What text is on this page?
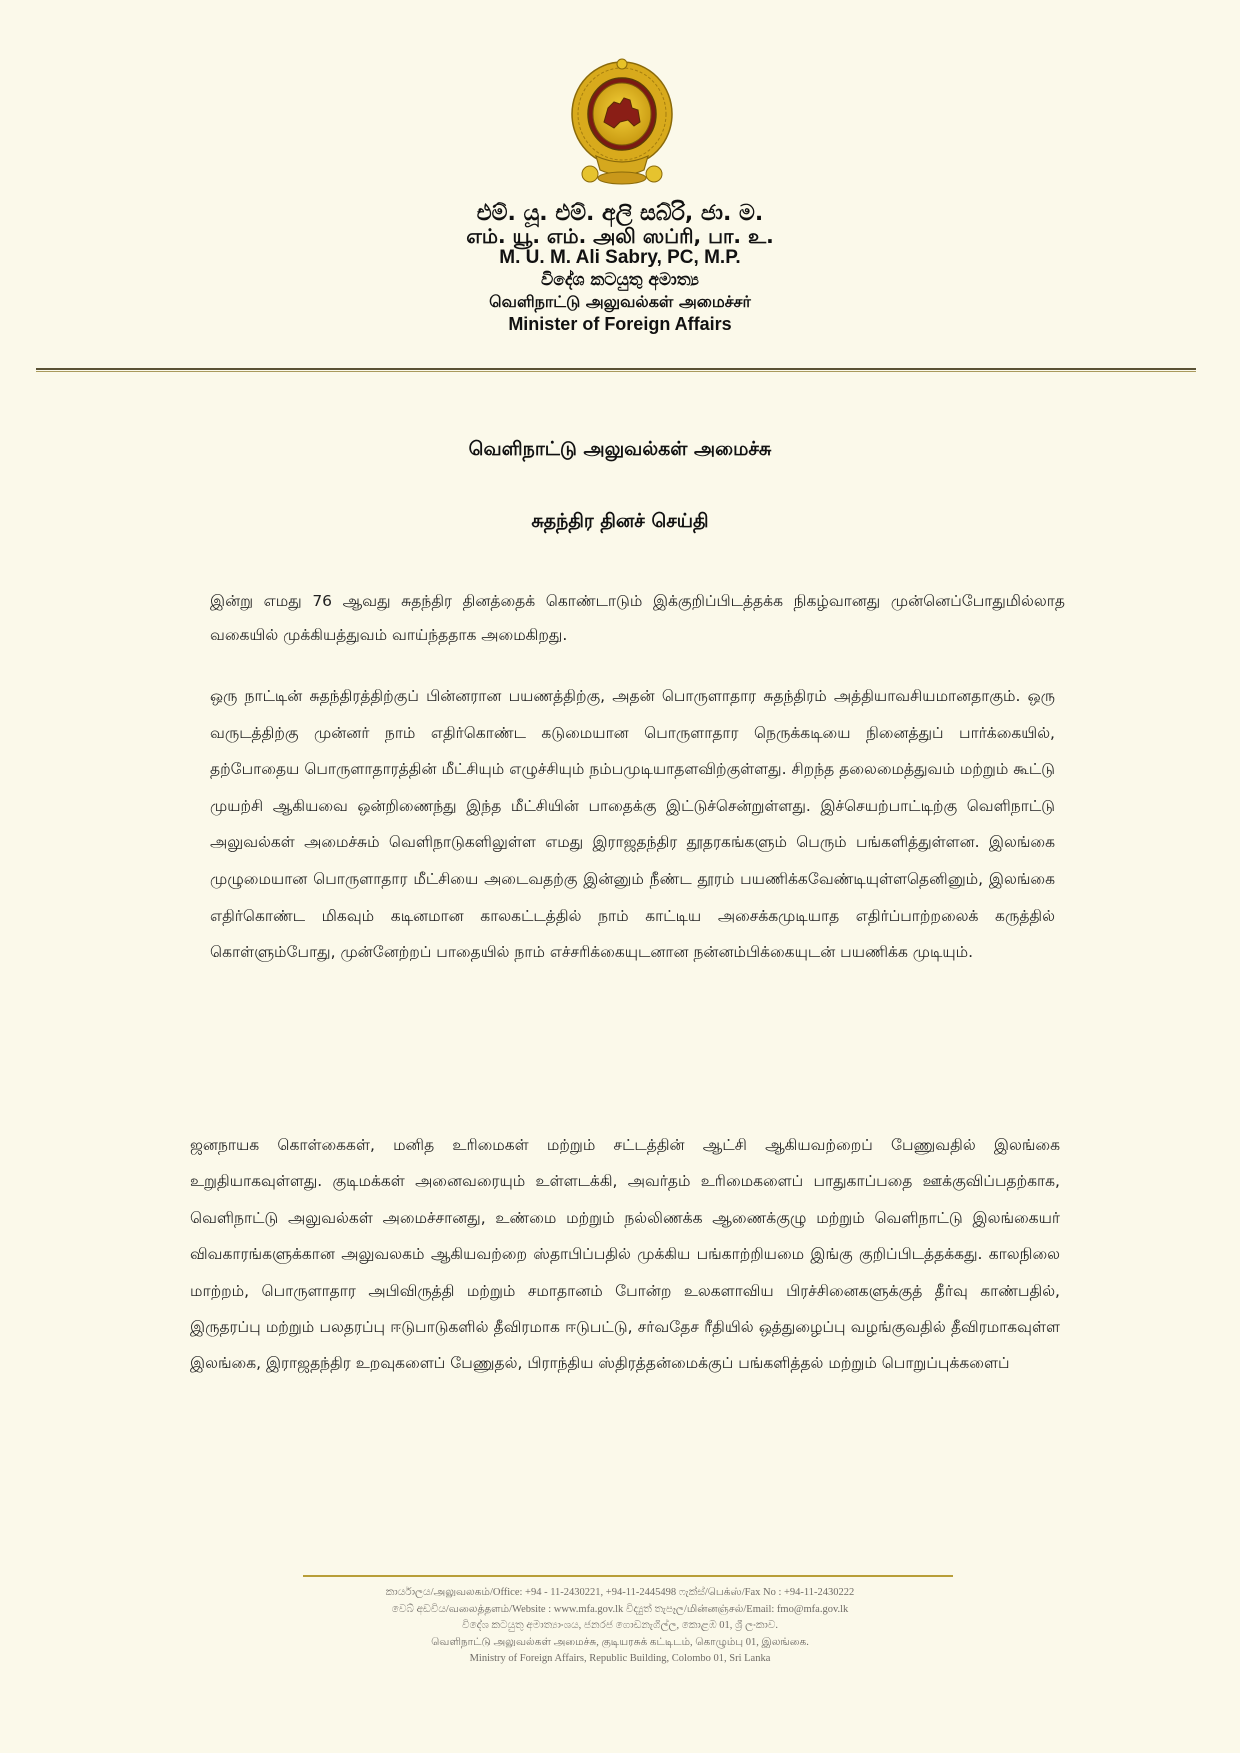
එම්. යූ. එම්. අලි සබ්රි, ජා. ම.
எம். யூ. எம். அலி ஸப்ரி, பா. உ.
M. U. M. Ali Sabry, PC, M.P.
විදේශ කටයුතු අමාත්‍ය
வெளிநாட்டு அலுவல்கள் அமைச்சர்
Minister of Foreign Affairs
வெளிநாட்டு அலுவல்கள் அமைச்சு
சுதந்திர தினச் செய்தி

இன்று எமது 76 ஆவது சுதந்திர தினத்தைக் கொண்டாடும் இக்குறிப்பிடத்தக்க நிகழ்வானது முன்னெப்போதுமில்லாத வகையில் முக்கியத்துவம் வாய்ந்ததாக அமைகிறது.

ஒரு நாட்டின் சுதந்திரத்திற்குப் பின்னரான பயணத்திற்கு, அதன் பொருளாதார சுதந்திரம் அத்தியாவசியமானதாகும். ஒரு வருடத்திற்கு முன்னர் நாம் எதிர்கொண்ட கடுமையான பொருளாதார நெருக்கடியை நினைத்துப் பார்க்கையில், தற்போதைய பொருளாதாரத்தின் மீட்சியும் எழுச்சியும் நம்பமுடியாதளவிற்குள்ளது. சிறந்த தலைமைத்துவம் மற்றும் கூட்டு முயற்சி ஆகியவை ஒன்றிணைந்து இந்த மீட்சியின் பாதைக்கு இட்டுச்சென்றுள்ளது. இச்செயற்பாட்டிற்கு வெளிநாட்டு அலுவல்கள் அமைச்சும் வெளிநாடுகளிலுள்ள எமது இராஜதந்திர தூதரகங்களும் பெரும் பங்களித்துள்ளன. இலங்கை முழுமையான பொருளாதார மீட்சியை அடைவதற்கு இன்னும் நீண்ட தூரம் பயணிக்கவேண்டியுள்ளதெனினும், இலங்கை எதிர்கொண்ட மிகவும் கடினமான காலகட்டத்தில் நாம் காட்டிய அசைக்கமுடியாத எதிர்ப்பாற்றலைக் கருத்தில் கொள்ளும்போது, முன்னேற்றப் பாதையில் நாம் எச்சரிக்கையுடனான நன்னம்பிக்கையுடன் பயணிக்க முடியும்.

ஜனநாயக கொள்கைகள், மனித உரிமைகள் மற்றும் சட்டத்தின் ஆட்சி ஆகியவற்றைப் பேணுவதில் இலங்கை உறுதியாகவுள்ளது. குடிமக்கள் அனைவரையும் உள்ளடக்கி, அவர்தம் உரிமைகளைப் பாதுகாப்பதை ஊக்குவிப்பதற்காக, வெளிநாட்டு அலுவல்கள் அமைச்சானது, உண்மை மற்றும் நல்லிணக்க ஆணைக்குழு மற்றும் வெளிநாட்டு இலங்கையர் விவகாரங்களுக்கான அலுவலகம் ஆகியவற்றை ஸ்தாபிப்பதில் முக்கிய பங்காற்றியமை இங்கு குறிப்பிடத்தக்கது. காலநிலை மாற்றம், பொருளாதார அபிவிருத்தி மற்றும் சமாதானம் போன்ற உலகளாவிய பிரச்சினைகளுக்குத் தீர்வு காண்பதில், இருதரப்பு மற்றும் பலதரப்பு ஈடுபாடுகளில் தீவிரமாக ஈடுபட்டு, சர்வதேச ரீதியில் ஒத்துழைப்பு வழங்குவதில் தீவிரமாகவுள்ள இலங்கை, இராஜதந்திர உறவுகளைப் பேணுதல், பிராந்திய ஸ்திரத்தன்மைக்குப் பங்களித்தல் மற்றும் பொறுப்புக்களைப்

කාර්යාලය/அலுவலகம்/Office: +94 - 11-2430221, +94-11-2445498 ෆැක්ස්/பெக்ஸ்/Fax No : +94-11-2430222
වෙබ් අඩවිය/வலைத்தளம்/Website : www.mfa.gov.lk විද්‍යුත් තැපෑල/மின்னஞ்சல்/Email: fmo@mfa.gov.lk
විදේශ කටයුතු අමාත්‍යාංශය, ජනරජ ගොඩනැගිල්ල, කොළඹ 01, ශ්‍රී ලංකාව.
வெளிநாட்டு அலுவல்கள் அமைச்சு, குடியரசுக் கட்டிடம், கொழும்பு 01, இலங்கை.
Ministry of Foreign Affairs, Republic Building, Colombo 01, Sri Lanka
